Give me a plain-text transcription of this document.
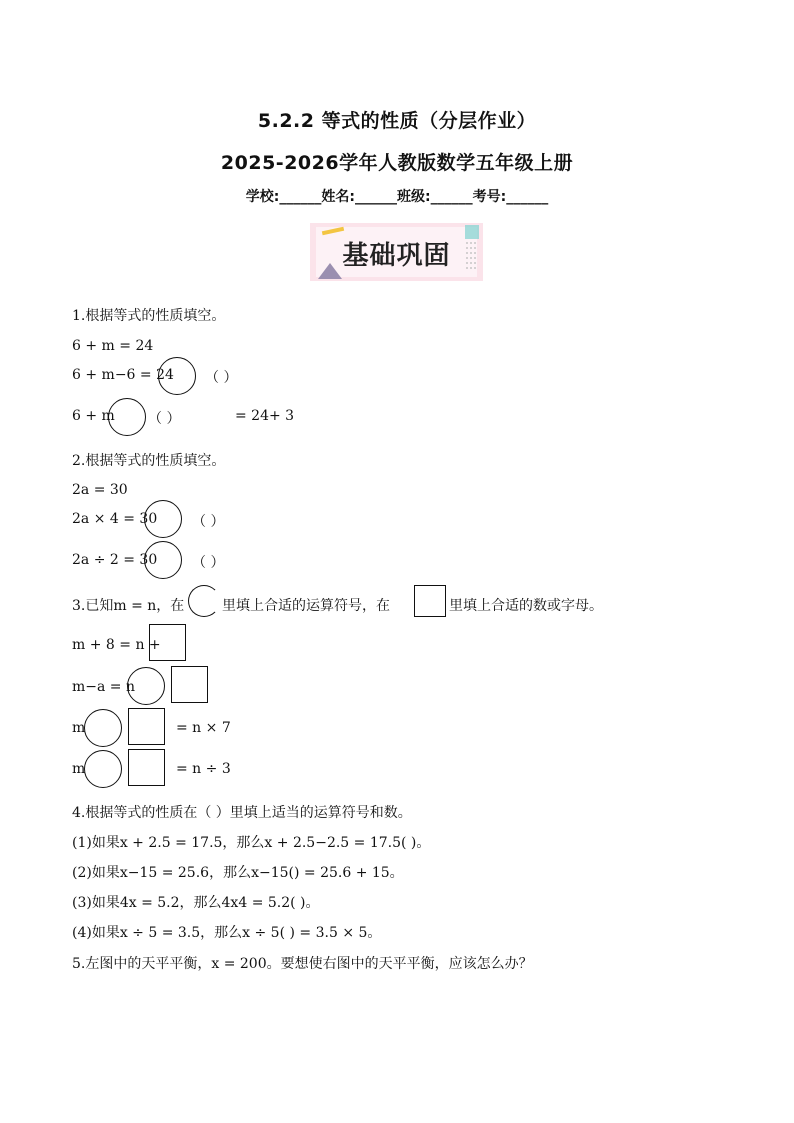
5.2.2 等式的性质（分层作业）
2025-2026学年人教版数学五年级上册
学校:______姓名:______班级:______考号:______
基础巩固
1.根据等式的性质填空。
6 + m = 24
6 + m−6 = 24 （ ）
6 + m （ ）	= 24+ 3
2.根据等式的性质填空。
2a = 30
2a × 4 = 30 （ ）
2a ÷ 2 = 30 （ ）
3.已知m = n，在	里填上合适的运算符号，在	里填上合适的数或字母。
m + 8 = n +
m−a = n
m	= n × 7
m	= n ÷ 3
4.根据等式的性质在（ ）里填上适当的运算符号和数。
(1)如果x + 2.5 = 17.5，那么x + 2.5−2.5 = 17.5( )。
(2)如果x−15 = 25.6，那么x−15() = 25.6 + 15。
(3)如果4x = 5.2，那么4x4 = 5.2( )。
(4)如果x ÷ 5 = 3.5，那么x ÷ 5( ) = 3.5 × 5。
5.左图中的天平平衡，x = 200。要想使右图中的天平平衡，应该怎么办？
